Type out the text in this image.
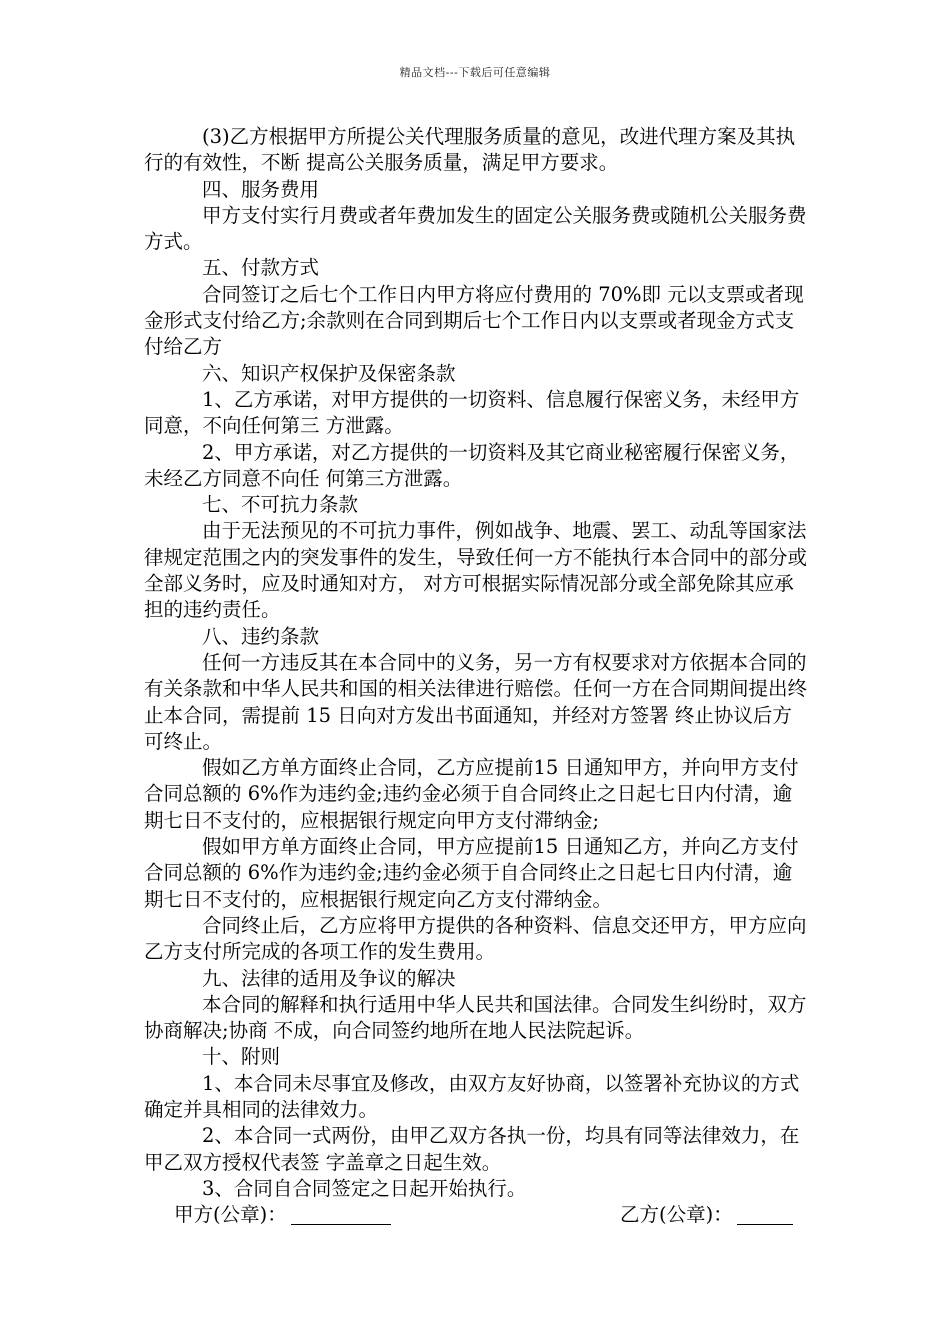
精品文档---下载后可任意编辑

(3)乙方根据甲方所提公关代理服务质量的意见，改进代理方案及其执行的有效性，不断 提高公关服务质量，满足甲方要求。

四、服务费用

甲方支付实行月费或者年费加发生的固定公关服务费或随机公关服务费方式。

五、付款方式

合同签订之后七个工作日内甲方将应付费用的 70%即 元以支票或者现金形式支付给乙方;余款则在合同到期后七个工作日内以支票或者现金方式支付给乙方

六、知识产权保护及保密条款

1、乙方承诺，对甲方提供的一切资料、信息履行保密义务，未经甲方同意，不向任何第三 方泄露。

2、甲方承诺，对乙方提供的一切资料及其它商业秘密履行保密义务，未经乙方同意不向任 何第三方泄露。

七、不可抗力条款

由于无法预见的不可抗力事件，例如战争、地震、罢工、动乱等国家法律规定范围之内的突发事件的发生，导致任何一方不能执行本合同中的部分或全部义务时，应及时通知对方， 对方可根据实际情况部分或全部免除其应承担的违约责任。

八、违约条款

任何一方违反其在本合同中的义务，另一方有权要求对方依据本合同的有关条款和中华人民共和国的相关法律进行赔偿。任何一方在合同期间提出终止本合同，需提前 15 日向对方发出书面通知，并经对方签署 终止协议后方可终止。

假如乙方单方面终止合同，乙方应提前15 日通知甲方，并向甲方支付合同总额的 6%作为违约金;违约金必须于自合同终止之日起七日内付清，逾期七日不支付的，应根据银行规定向甲方支付滞纳金;

假如甲方单方面终止合同，甲方应提前15 日通知乙方，并向乙方支付合同总额的 6%作为违约金;违约金必须于自合同终止之日起七日内付清，逾期七日不支付的，应根据银行规定向乙方支付滞纳金。

合同终止后，乙方应将甲方提供的各种资料、信息交还甲方，甲方应向乙方支付所完成的各项工作的发生费用。

九、法律的适用及争议的解决

本合同的解释和执行适用中华人民共和国法律。合同发生纠纷时，双方协商解决;协商 不成，向合同签约地所在地人民法院起诉。

十、附则

1、本合同未尽事宜及修改，由双方友好协商，以签署补充协议的方式确定并具相同的法律效力。

2、本合同一式两份，由甲乙双方各执一份，均具有同等法律效力，在甲乙双方授权代表签 字盖章之日起生效。

3、合同自合同签定之日起开始执行。

甲方(公章)：	乙方(公章)：
